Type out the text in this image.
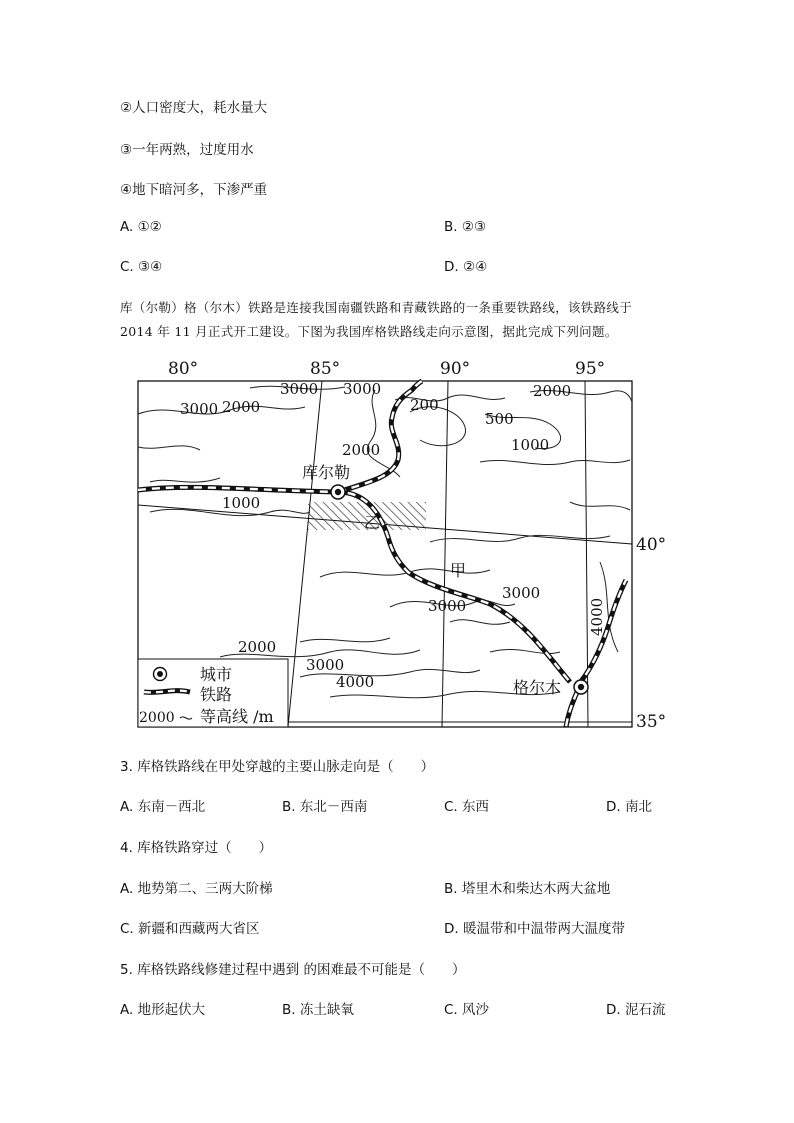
②人口密度大，耗水量大
③一年两熟，过度用水
④地下暗河多，下渗严重
A. ①②	B. ②③
C. ③④	D. ②④
库（尔勒）格（尔木）铁路是连接我国南疆铁路和青藏铁路的一条重要铁路线，该铁路线于
2014 年 11 月正式开工建设。下图为我国库格铁路线走向示意图，据此完成下列问题。
80°	85°	90°	95°
40°
35°
库尔勒
格尔木
乙
甲
3000 3000
2000
3000
2000
200
500
2000	1000
1000
3000
3000	4000
2000
3000
4000
城市
铁路
2000 等高线 /m
3. 库格铁路线在甲处穿越的主要山脉走向是（　　）
A. 东南－西北	B. 东北－西南	C. 东西	D. 南北
4. 库格铁路穿过（　　）
A. 地势第二、三两大阶梯	B. 塔里木和柴达木两大盆地
C. 新疆和西藏两大省区	D. 暖温带和中温带两大温度带
5. 库格铁路线修建过程中遇到 的困难最不可能是（　　）
A. 地形起伏大	B. 冻土缺氧	C. 风沙	D. 泥石流
